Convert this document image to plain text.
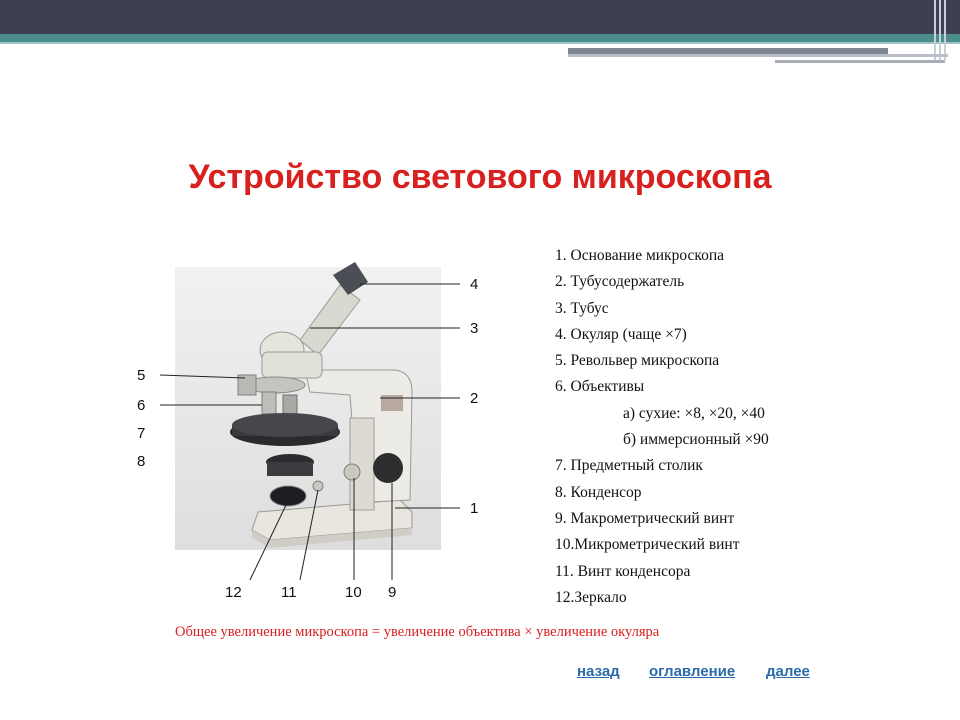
Устройство светового микроскопа
4
3
2
1
5
6
7
8
12	11	10 9
1. Основание микроскопа
2. Тубусодержатель
3. Тубус
4. Окуляр (чаще ×7)
5. Револьвер микроскопа
6. Объективы
а) сухие: ×8, ×20, ×40
б) иммерсионный ×90
7. Предметный столик
8. Конденсор
9. Макрометрический винт
10.Микрометрический винт
11. Винт конденсора
12.Зеркало
Общее увеличение микроскопа = увеличение объектива × увеличение окуляра
назад оглавление далее
